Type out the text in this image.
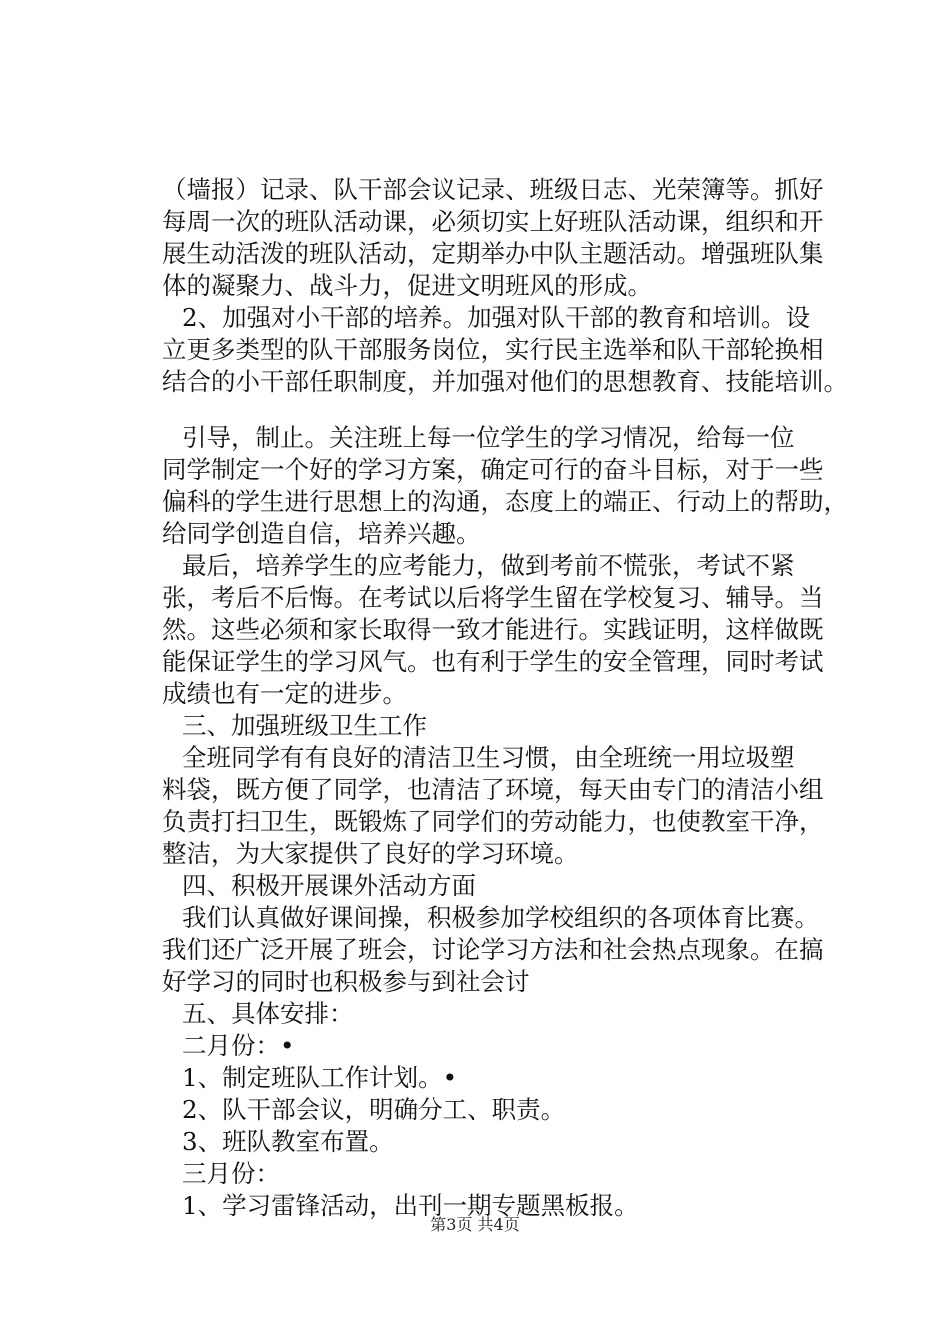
（墙报）记录、队干部会议记录、班级日志、光荣簿等。抓好
每周一次的班队活动课，必须切实上好班队活动课，组织和开
展生动活泼的班队活动，定期举办中队主题活动。增强班队集
体的凝聚力、战斗力，促进文明班风的形成。
2、加强对小干部的培养。加强对队干部的教育和培训。设
立更多类型的队干部服务岗位，实行民主选举和队干部轮换相
结合的小干部任职制度，并加强对他们的思想教育、技能培训。
引导，制止。关注班上每一位学生的学习情况，给每一位
同学制定一个好的学习方案，确定可行的奋斗目标，对于一些
偏科的学生进行思想上的沟通，态度上的端正、行动上的帮助，
给同学创造自信，培养兴趣。
最后，培养学生的应考能力，做到考前不慌张，考试不紧
张，考后不后悔。在考试以后将学生留在学校复习、辅导。当
然。这些必须和家长取得一致才能进行。实践证明，这样做既
能保证学生的学习风气。也有利于学生的安全管理，同时考试
成绩也有一定的进步。
三、加强班级卫生工作
全班同学有有良好的清洁卫生习惯，由全班统一用垃圾塑
料袋，既方便了同学，也清洁了环境，每天由专门的清洁小组
负责打扫卫生，既锻炼了同学们的劳动能力，也使教室干净，
整洁，为大家提供了良好的学习环境。
四、积极开展课外活动方面
我们认真做好课间操，积极参加学校组织的各项体育比赛。
我们还广泛开展了班会，讨论学习方法和社会热点现象。在搞
好学习的同时也积极参与到社会讨
五、具体安排：
二月份：•
1、制定班队工作计划。•
2、队干部会议，明确分工、职责。
3、班队教室布置。
三月份：
1、学习雷锋活动，出刊一期专题黑板报。
第3页 共4页
